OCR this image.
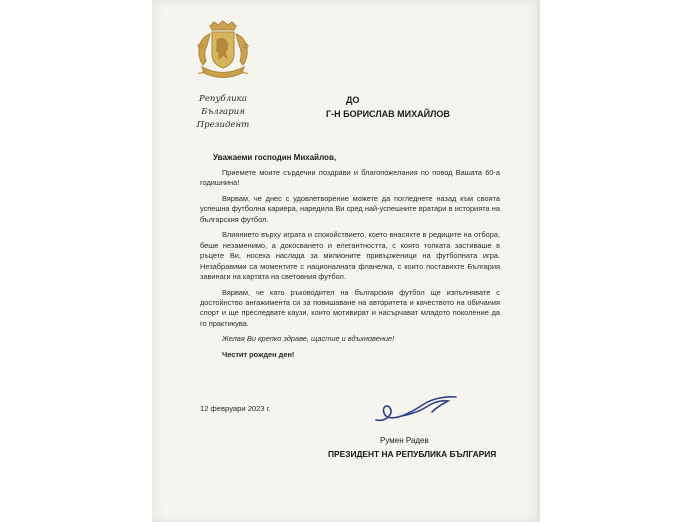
Република България
Президент
ДО
Г-Н БОРИСЛАВ МИХАЙЛОВ
Уважаеми господин Михайлов,

Приемете моите сърдечни поздрави и благопожелания по повод Вашата 60-а годишнина!

Вярвам, че днес с удовлетворение можете да погледнете назад към своята успешна футболна кариера, наредила Ви сред най-успешните вратари в историята на българския футбол.

Влиянието върху играта и спокойствието, което внасяхте в редиците на отбора, беше незаменимо, а докосването и елегантността, с която топката застиваше в ръцете Ви, носеха наслада за милионите привърженици на футболната игра. Незабравими са моментите с националната фланелка, с които поставихте България завинаги на картата на световния футбол.

Вярвам, че като ръководител на българския футбол ще изпълнявате с достойнство ангажимента си за повишаване на авторитета и качеството на обичания спорт и ще преследвате каузи, които мотивират и насърчават младото поколение да го практикува.

Желая Ви крепко здраве, щастие и вдъхновение!

Честит рожден ден!

12 февруари 2023 г.
Румен Радев
ПРЕЗИДЕНТ НА РЕПУБЛИКА БЪЛГАРИЯ
